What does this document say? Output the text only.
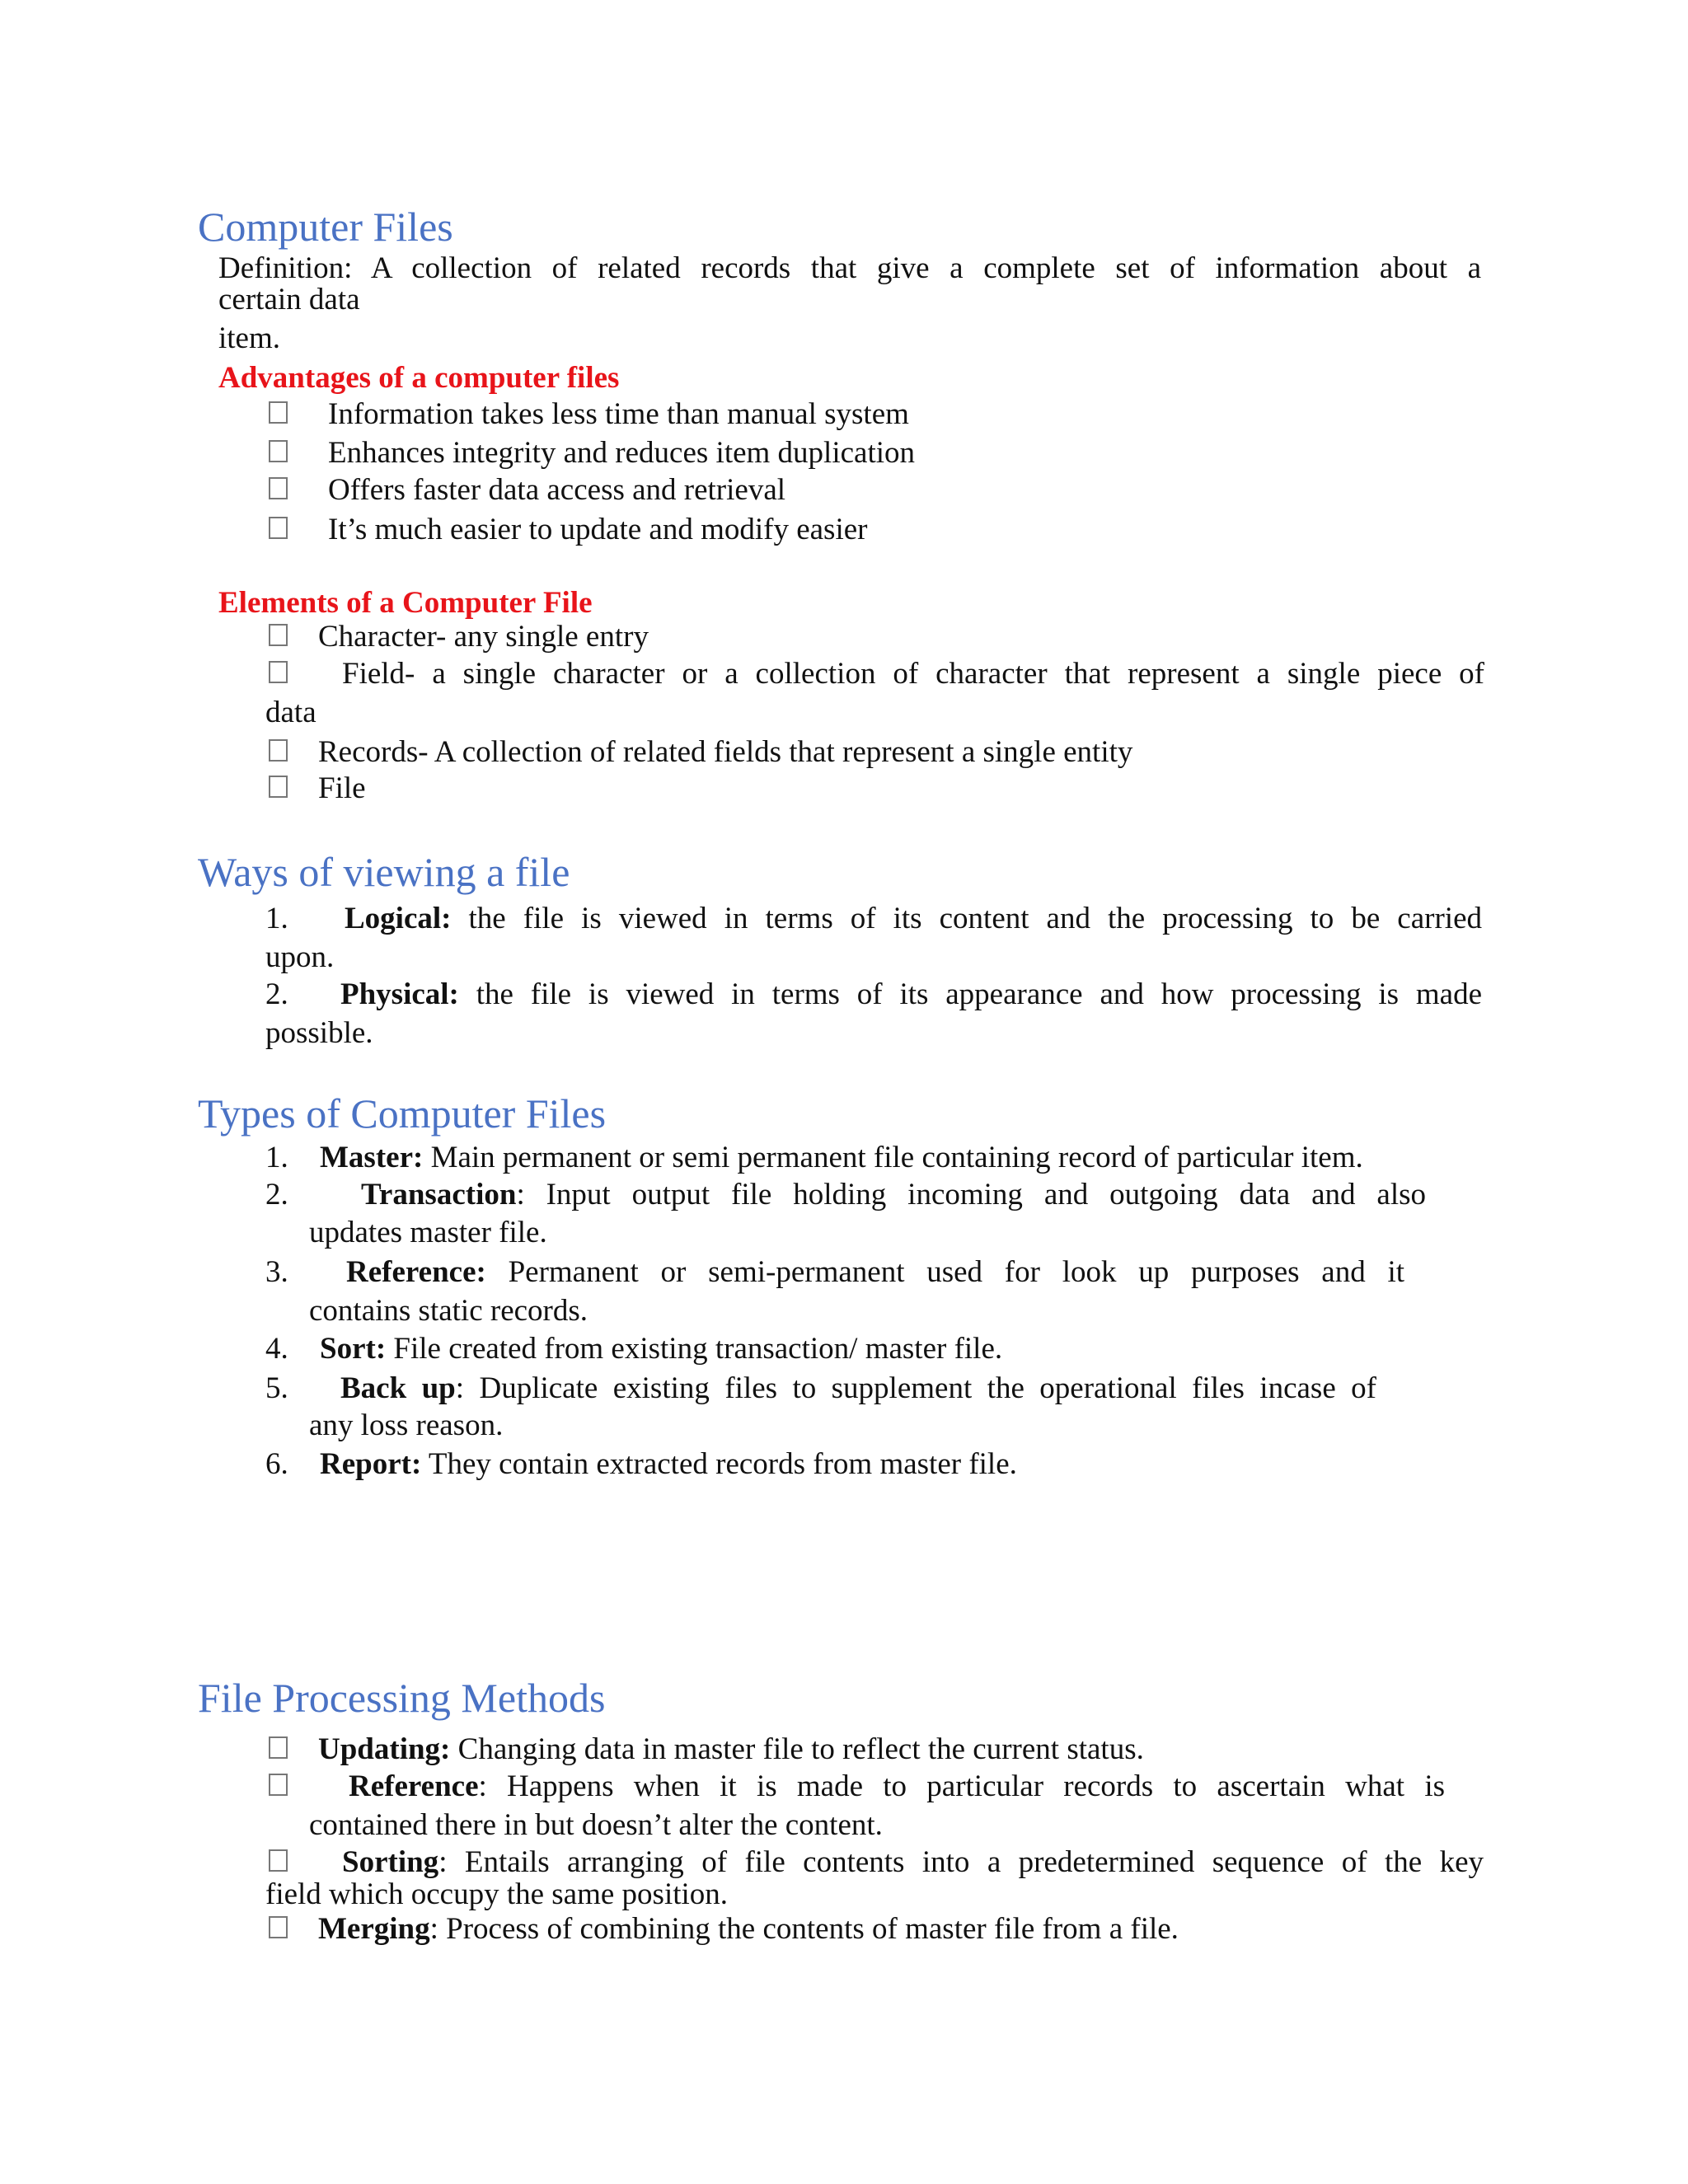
Computer Files
Definition: A collection of related records that give a complete set of information about a
certain data
item.
Advantages of a computer files
Information takes less time than manual system
Enhances integrity and reduces item duplication
Offers faster data access and retrieval
It’s much easier to update and modify easier
Elements of a Computer File
Character- any single entry
Field- a single character or a collection of character that represent a single piece of
data
Records- A collection of related fields that represent a single entity
File
Ways of viewing a file
1. Logical: the file is viewed in terms of its content and the processing to be carried
upon.
2. Physical: the file is viewed in terms of its appearance and how processing is made
possible.
Types of Computer Files
1. Master: Main permanent or semi permanent file containing record of particular item.
2. Transaction: Input output file holding incoming and outgoing data and also
updates master file.
3. Reference: Permanent or semi-permanent used for look up purposes and it
contains static records.
4. Sort: File created from existing transaction/ master file.
5. Back up: Duplicate existing files to supplement the operational files incase of
any loss reason.
6. Report: They contain extracted records from master file.
File Processing Methods
Updating: Changing data in master file to reflect the current status.
Reference: Happens when it is made to particular records to ascertain what is
contained there in but doesn’t alter the content.
Sorting: Entails arranging of file contents into a predetermined sequence of the key
field which occupy the same position.
Merging: Process of combining the contents of master file from a file.
